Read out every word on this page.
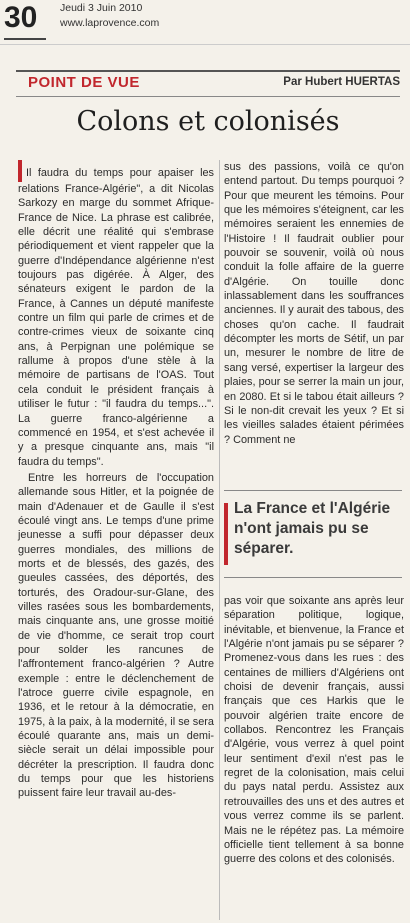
30 Jeudi 3 Juin 2010
www.laprovence.com
POINT DE VUE	Par Hubert HUERTAS
Colons et colonisés

Il faudra du temps pour apaiser les relations France-Algérie", a dit Nicolas Sarkozy en marge du sommet Afrique-France de Nice. La phrase est calibrée, elle décrit une réalité qui s'embrase périodiquement et vient rappeler que la guerre d'Indépendance algérienne n'est toujours pas digérée. À Alger, des sénateurs exigent le pardon de la France, à Cannes un député manifeste contre un film qui parle de crimes et de contre-crimes vieux de soixante cinq ans, à Perpignan une polémique se rallume à propos d'une stèle à la mémoire de partisans de l'OAS. Tout cela conduit le président français à utiliser le futur : "il faudra du temps...". La guerre franco-algérienne a commencé en 1954, et s'est achevée il y a presque cinquante ans, mais "il faudra du temps".

Entre les horreurs de l'occupation allemande sous Hitler, et la poignée de main d'Adenauer et de Gaulle il s'est écoulé vingt ans. Le temps d'une prime jeunesse a suffi pour dépasser deux guerres mondiales, des millions de morts et de blessés, des gazés, des gueules cassées, des déportés, des torturés, des Oradour-sur-Glane, des villes rasées sous les bombardements, mais cinquante ans, une grosse moitié de vie d'homme, ce serait trop court pour solder les rancunes de l'affrontement franco-algérien ? Autre exemple : entre le déclenchement de l'atroce guerre civile espagnole, en 1936, et le retour à la démocratie, en 1975, à la paix, à la modernité, il se sera écoulé quarante ans, mais un demi-siècle serait un délai impossible pour décréter la prescription. Il faudra donc du temps pour que les historiens puissent faire leur travail au-des-

sus des passions, voilà ce qu'on entend partout. Du temps pourquoi ? Pour que meurent les témoins. Pour que les mémoires s'éteignent, car les mémoires seraient les ennemies de l'Histoire ! Il faudrait oublier pour pouvoir se souvenir, voilà où nous conduit la folle affaire de la guerre d'Algérie. On touille donc inlassablement dans les souffrances anciennes. Il y aurait des tabous, des choses qu'on cache. Il faudrait décompter les morts de Sétif, un par un, mesurer le nombre de litre de sang versé, expertiser la largeur des plaies, pour se serrer la main un jour, en 2080. Et si le tabou était ailleurs ? Si le non-dit crevait les yeux ? Et si les vieilles salades étaient périmées ? Comment ne

La France et l'Algérie n'ont jamais pu se séparer.

pas voir que soixante ans après leur séparation politique, logique, inévitable, et bienvenue, la France et l'Algérie n'ont jamais pu se séparer ? Promenez-vous dans les rues : des centaines de milliers d'Algériens ont choisi de devenir français, aussi français que ces Harkis que le pouvoir algérien traite encore de collabos. Rencontrez les Français d'Algérie, vous verrez à quel point leur sentiment d'exil n'est pas le regret de la colonisation, mais celui du pays natal perdu. Assistez aux retrouvailles des uns et des autres et vous verrez comme ils se parlent. Mais ne le répétez pas. La mémoire officielle tient tellement à sa bonne guerre des colons et des colonisés.
